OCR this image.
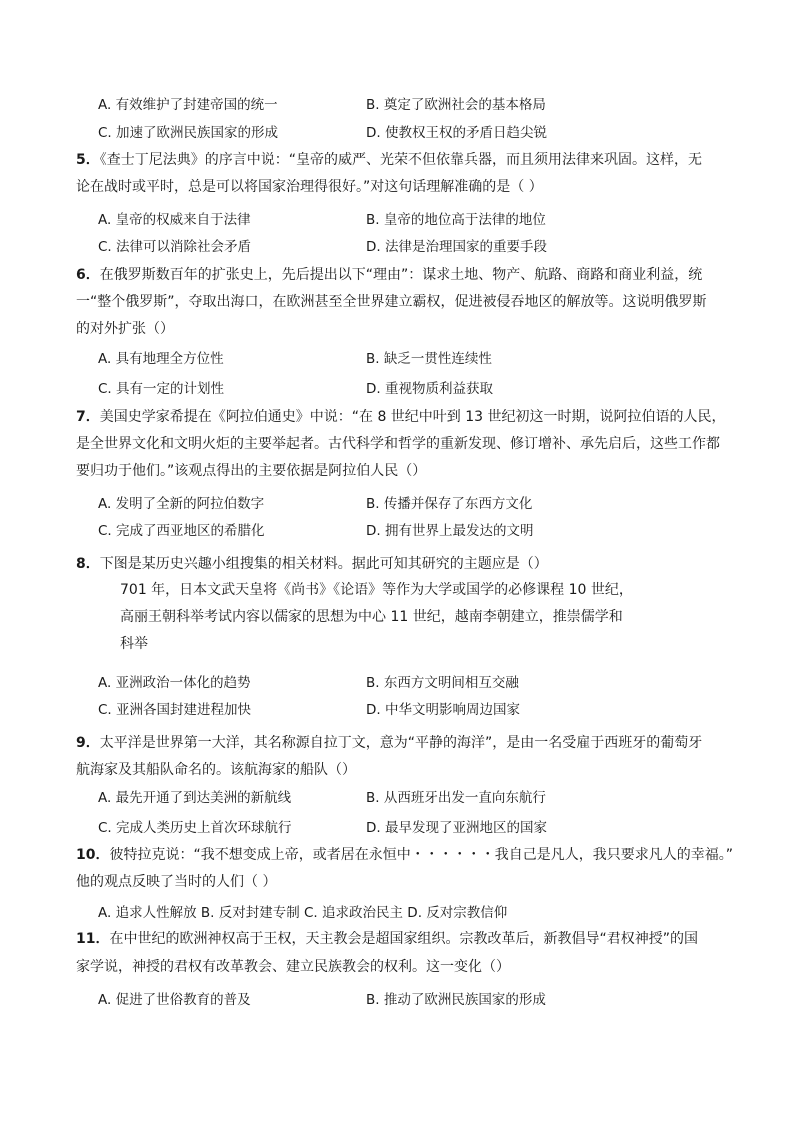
A. 有效维护了封建帝国的统一	B. 奠定了欧洲社会的基本格局
C. 加速了欧洲民族国家的形成	D. 使教权王权的矛盾日趋尖锐
5．《查士丁尼法典》的序言中说：“皇帝的威严、光荣不但依靠兵器，而且须用法律来巩固。这样，无
论在战时或平时，总是可以将国家治理得很好。”对这句话理解准确的是（ ）
A. 皇帝的权威来自于法律	B. 皇帝的地位高于法律的地位
C. 法律可以消除社会矛盾	D. 法律是治理国家的重要手段
6．在俄罗斯数百年的扩张史上，先后提出以下“理由”：谋求土地、物产、航路、商路和商业利益，统
一“整个俄罗斯”，夺取出海口，在欧洲甚至全世界建立霸权，促进被侵吞地区的解放等。这说明俄罗斯
的对外扩张（）
A. 具有地理全方位性	B. 缺乏一贯性连续性
C. 具有一定的计划性	D. 重视物质利益获取
7．美国史学家希提在《阿拉伯通史》中说：“在 8 世纪中叶到 13 世纪初这一时期，说阿拉伯语的人民，
是全世界文化和文明火炬的主要举起者。古代科学和哲学的重新发现、修订增补、承先启后，这些工作都
要归功于他们。”该观点得出的主要依据是阿拉伯人民（）
A. 发明了全新的阿拉伯数字	B. 传播并保存了东西方文化
C. 完成了西亚地区的希腊化	D. 拥有世界上最发达的文明
8．下图是某历史兴趣小组搜集的相关材料。据此可知其研究的主题应是（）
701 年，日本文武天皇将《尚书》《论语》等作为大学或国学的必修课程 10 世纪，
高丽王朝科举考试内容以儒家的思想为中心 11 世纪，越南李朝建立，推崇儒学和
科举
A. 亚洲政治一体化的趋势	B. 东西方文明间相互交融
C. 亚洲各国封建进程加快	D. 中华文明影响周边国家
9．太平洋是世界第一大洋，其名称源自拉丁文，意为“平静的海洋”，是由一名受雇于西班牙的葡萄牙
航海家及其船队命名的。该航海家的船队（）
A. 最先开通了到达美洲的新航线	B. 从西班牙出发一直向东航行
C. 完成人类历史上首次环球航行	D. 最早发现了亚洲地区的国家
10．彼特拉克说：“我不想变成上帝，或者居在永恒中・・・・・・我自己是凡人，我只要求凡人的幸福。”
他的观点反映了当时的人们（ ）
A. 追求人性解放 B. 反对封建专制 C. 追求政治民主 D. 反对宗教信仰
11．在中世纪的欧洲神权高于王权，天主教会是超国家组织。宗教改革后，新教倡导“君权神授”的国
家学说，神授的君权有改革教会、建立民族教会的权利。这一变化（）
A. 促进了世俗教育的普及	B. 推动了欧洲民族国家的形成
